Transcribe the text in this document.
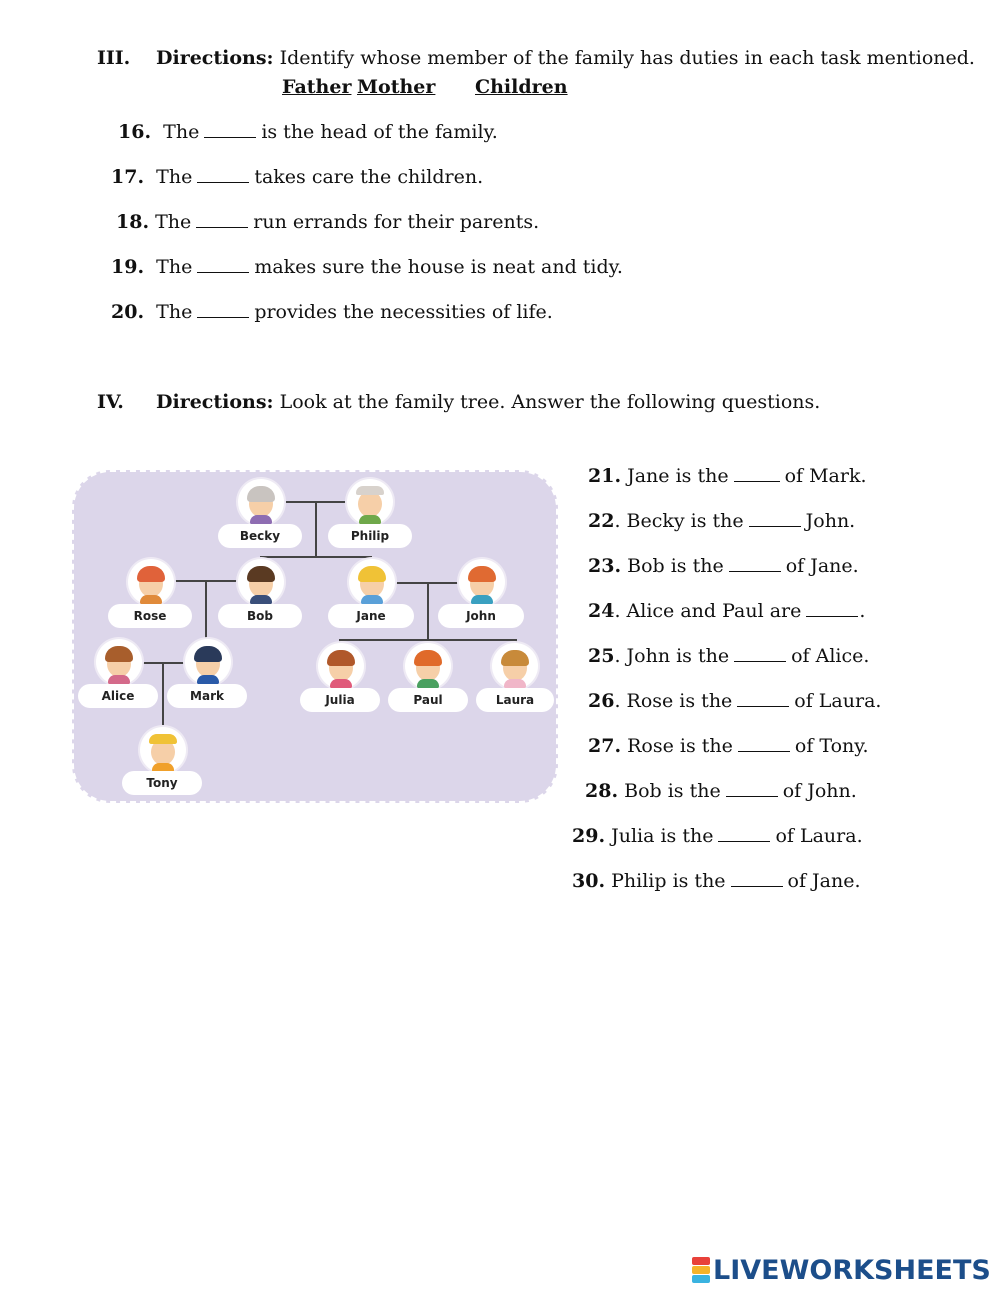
III. Directions: Identify whose member of the family has duties in each task mentioned.
Father Mother Children
16. The	is the head of the family.
17. The	takes care the children.
18. The	run errands for their parents.
19. The	makes sure the house is neat and tidy.
20. The	provides the necessities of life.
IV. Directions: Look at the family tree. Answer the following questions.
Becky	Philip
Rose	Bob	Jane	John
Alice	Mark	Julia	Paul	Laura
Tony
21. Jane is the	of Mark.
22. Becky is the	John.
23. Bob is the	of Jane.
24. Alice and Paul are	.
25. John is the	of Alice.
26. Rose is the	of Laura.
27. Rose is the	of Tony.
28. Bob is the	of John.
29. Julia is the	of Laura.
30. Philip is the	of Jane.
LIVEWORKSHEETS
